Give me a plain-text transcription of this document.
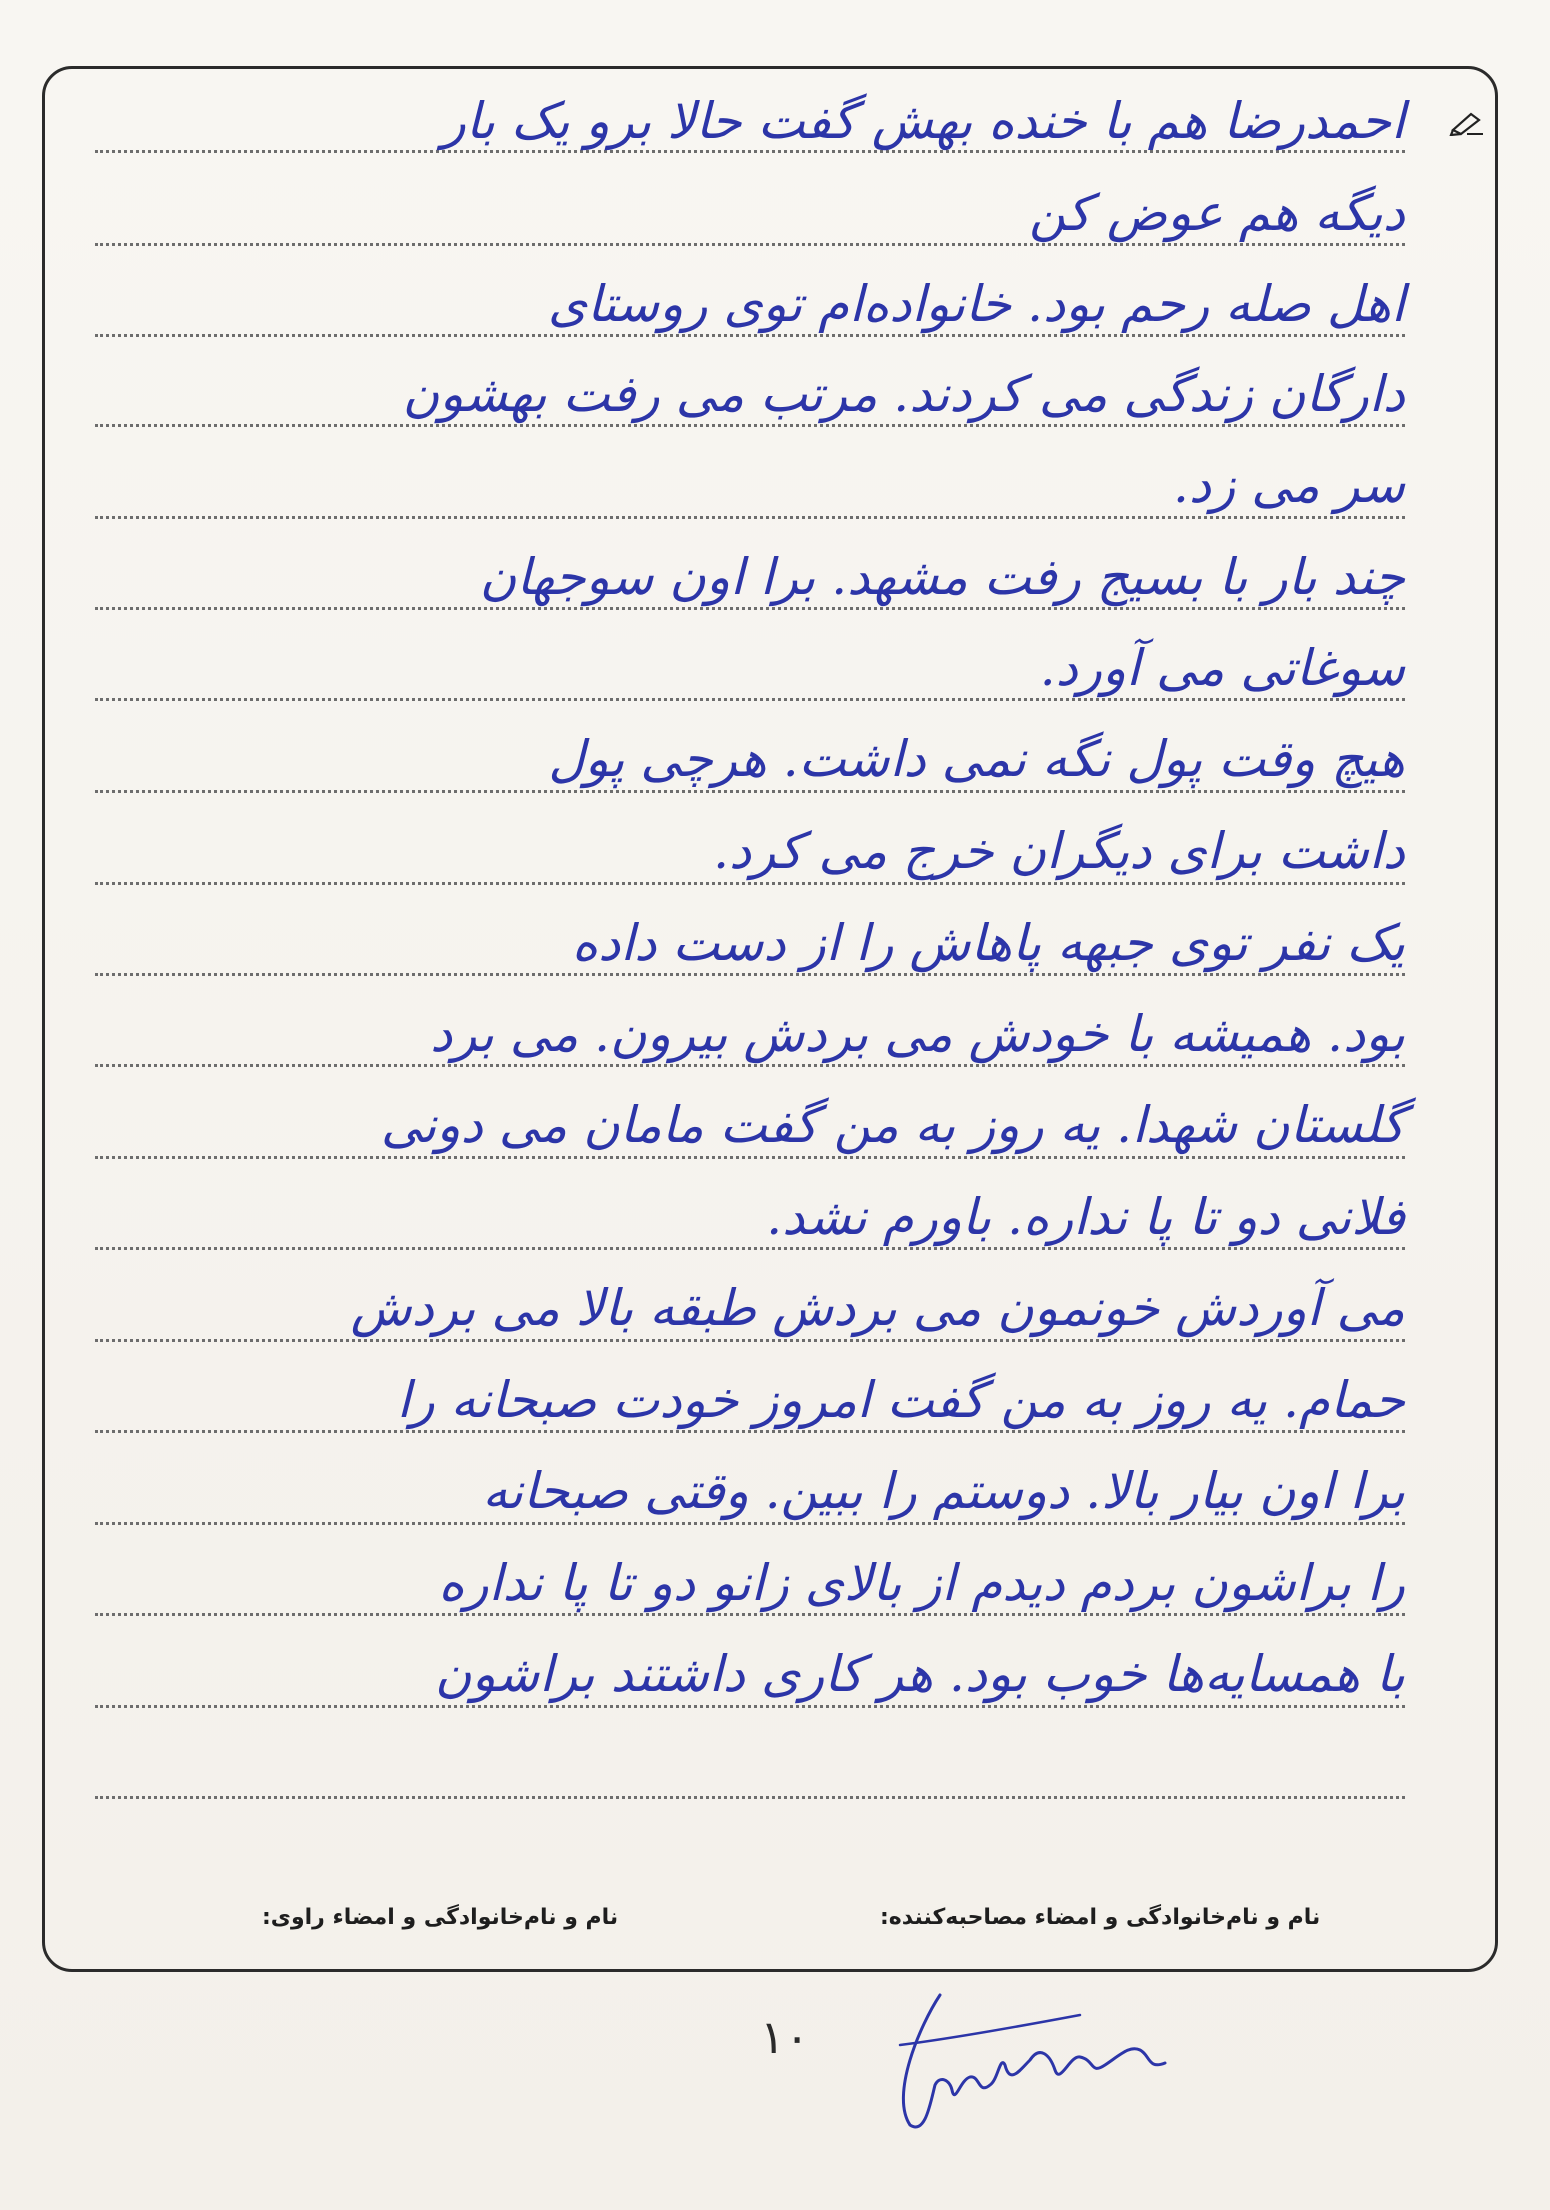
احمدرضا هم با خنده بهش گفت حالا برو یک بار
دیگه هم عوض کن
اهل صله رحم بود. خانواده‌ام توی روستای
دارگان زندگی می کردند. مرتب می رفت بهشون
سر می زد.
چند بار با بسیج رفت مشهد. برا اون سوجهان
سوغاتی می آورد.
هیچ وقت پول نگه نمی داشت. هرچی پول
داشت برای دیگران خرج می کرد.
یک نفر توی جبهه پاهاش را از دست داده
بود. همیشه با خودش می بردش بیرون. می برد
گلستان شهدا. یه روز به من گفت مامان می دونی
فلانی دو تا پا نداره. باورم نشد.
می آوردش خونمون می بردش طبقه بالا می بردش
حمام. یه روز به من گفت امروز خودت صبحانه را
برا اون بیار بالا. دوستم را ببین. وقتی صبحانه
را براشون بردم دیدم از بالای زانو دو تا پا نداره
با همسایه‌ها خوب بود. هر کاری داشتند براشون
نام و نام‌خانوادگی و امضاء مصاحبه‌کننده:
نام و نام‌خانوادگی و امضاء راوی:
۱۰
